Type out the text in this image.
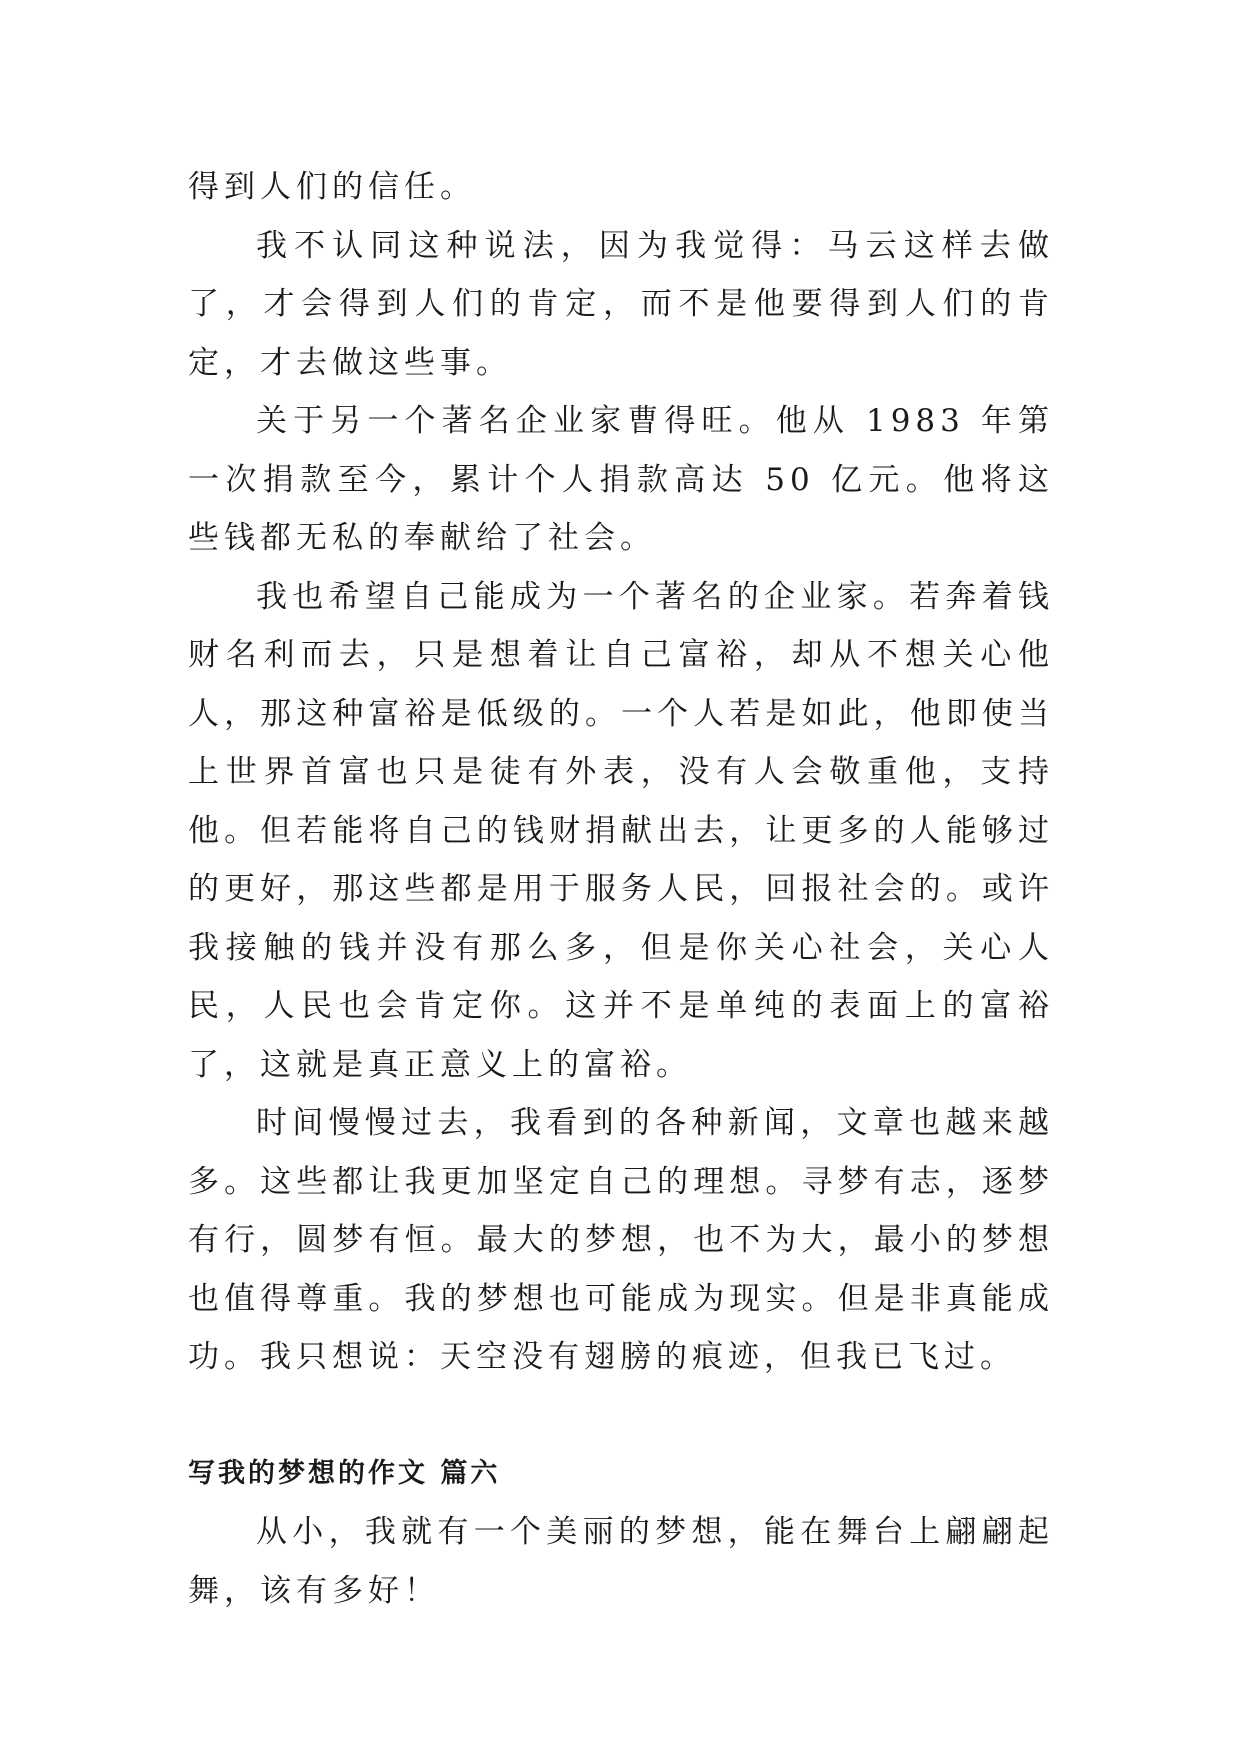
得到人们的信任。

我不认同这种说法，因为我觉得：马云这样去做了，才会得到人们的肯定，而不是他要得到人们的肯定，才去做这些事。

关于另一个著名企业家曹得旺。他从 1983 年第一次捐款至今，累计个人捐款高达 50 亿元。他将这些钱都无私的奉献给了社会。

我也希望自己能成为一个著名的企业家。若奔着钱财名利而去，只是想着让自己富裕，却从不想关心他人，那这种富裕是低级的。一个人若是如此，他即使当上世界首富也只是徒有外表，没有人会敬重他，支持他。但若能将自己的钱财捐献出去，让更多的人能够过的更好，那这些都是用于服务人民，回报社会的。或许我接触的钱并没有那么多，但是你关心社会，关心人民，人民也会肯定你。这并不是单纯的表面上的富裕了，这就是真正意义上的富裕。

时间慢慢过去，我看到的各种新闻，文章也越来越多。这些都让我更加坚定自己的理想。寻梦有志，逐梦有行，圆梦有恒。最大的梦想，也不为大，最小的梦想也值得尊重。我的梦想也可能成为现实。但是非真能成功。我只想说：天空没有翅膀的痕迹，但我已飞过。

写我的梦想的作文 篇六

从小，我就有一个美丽的梦想，能在舞台上翩翩起舞，该有多好！
